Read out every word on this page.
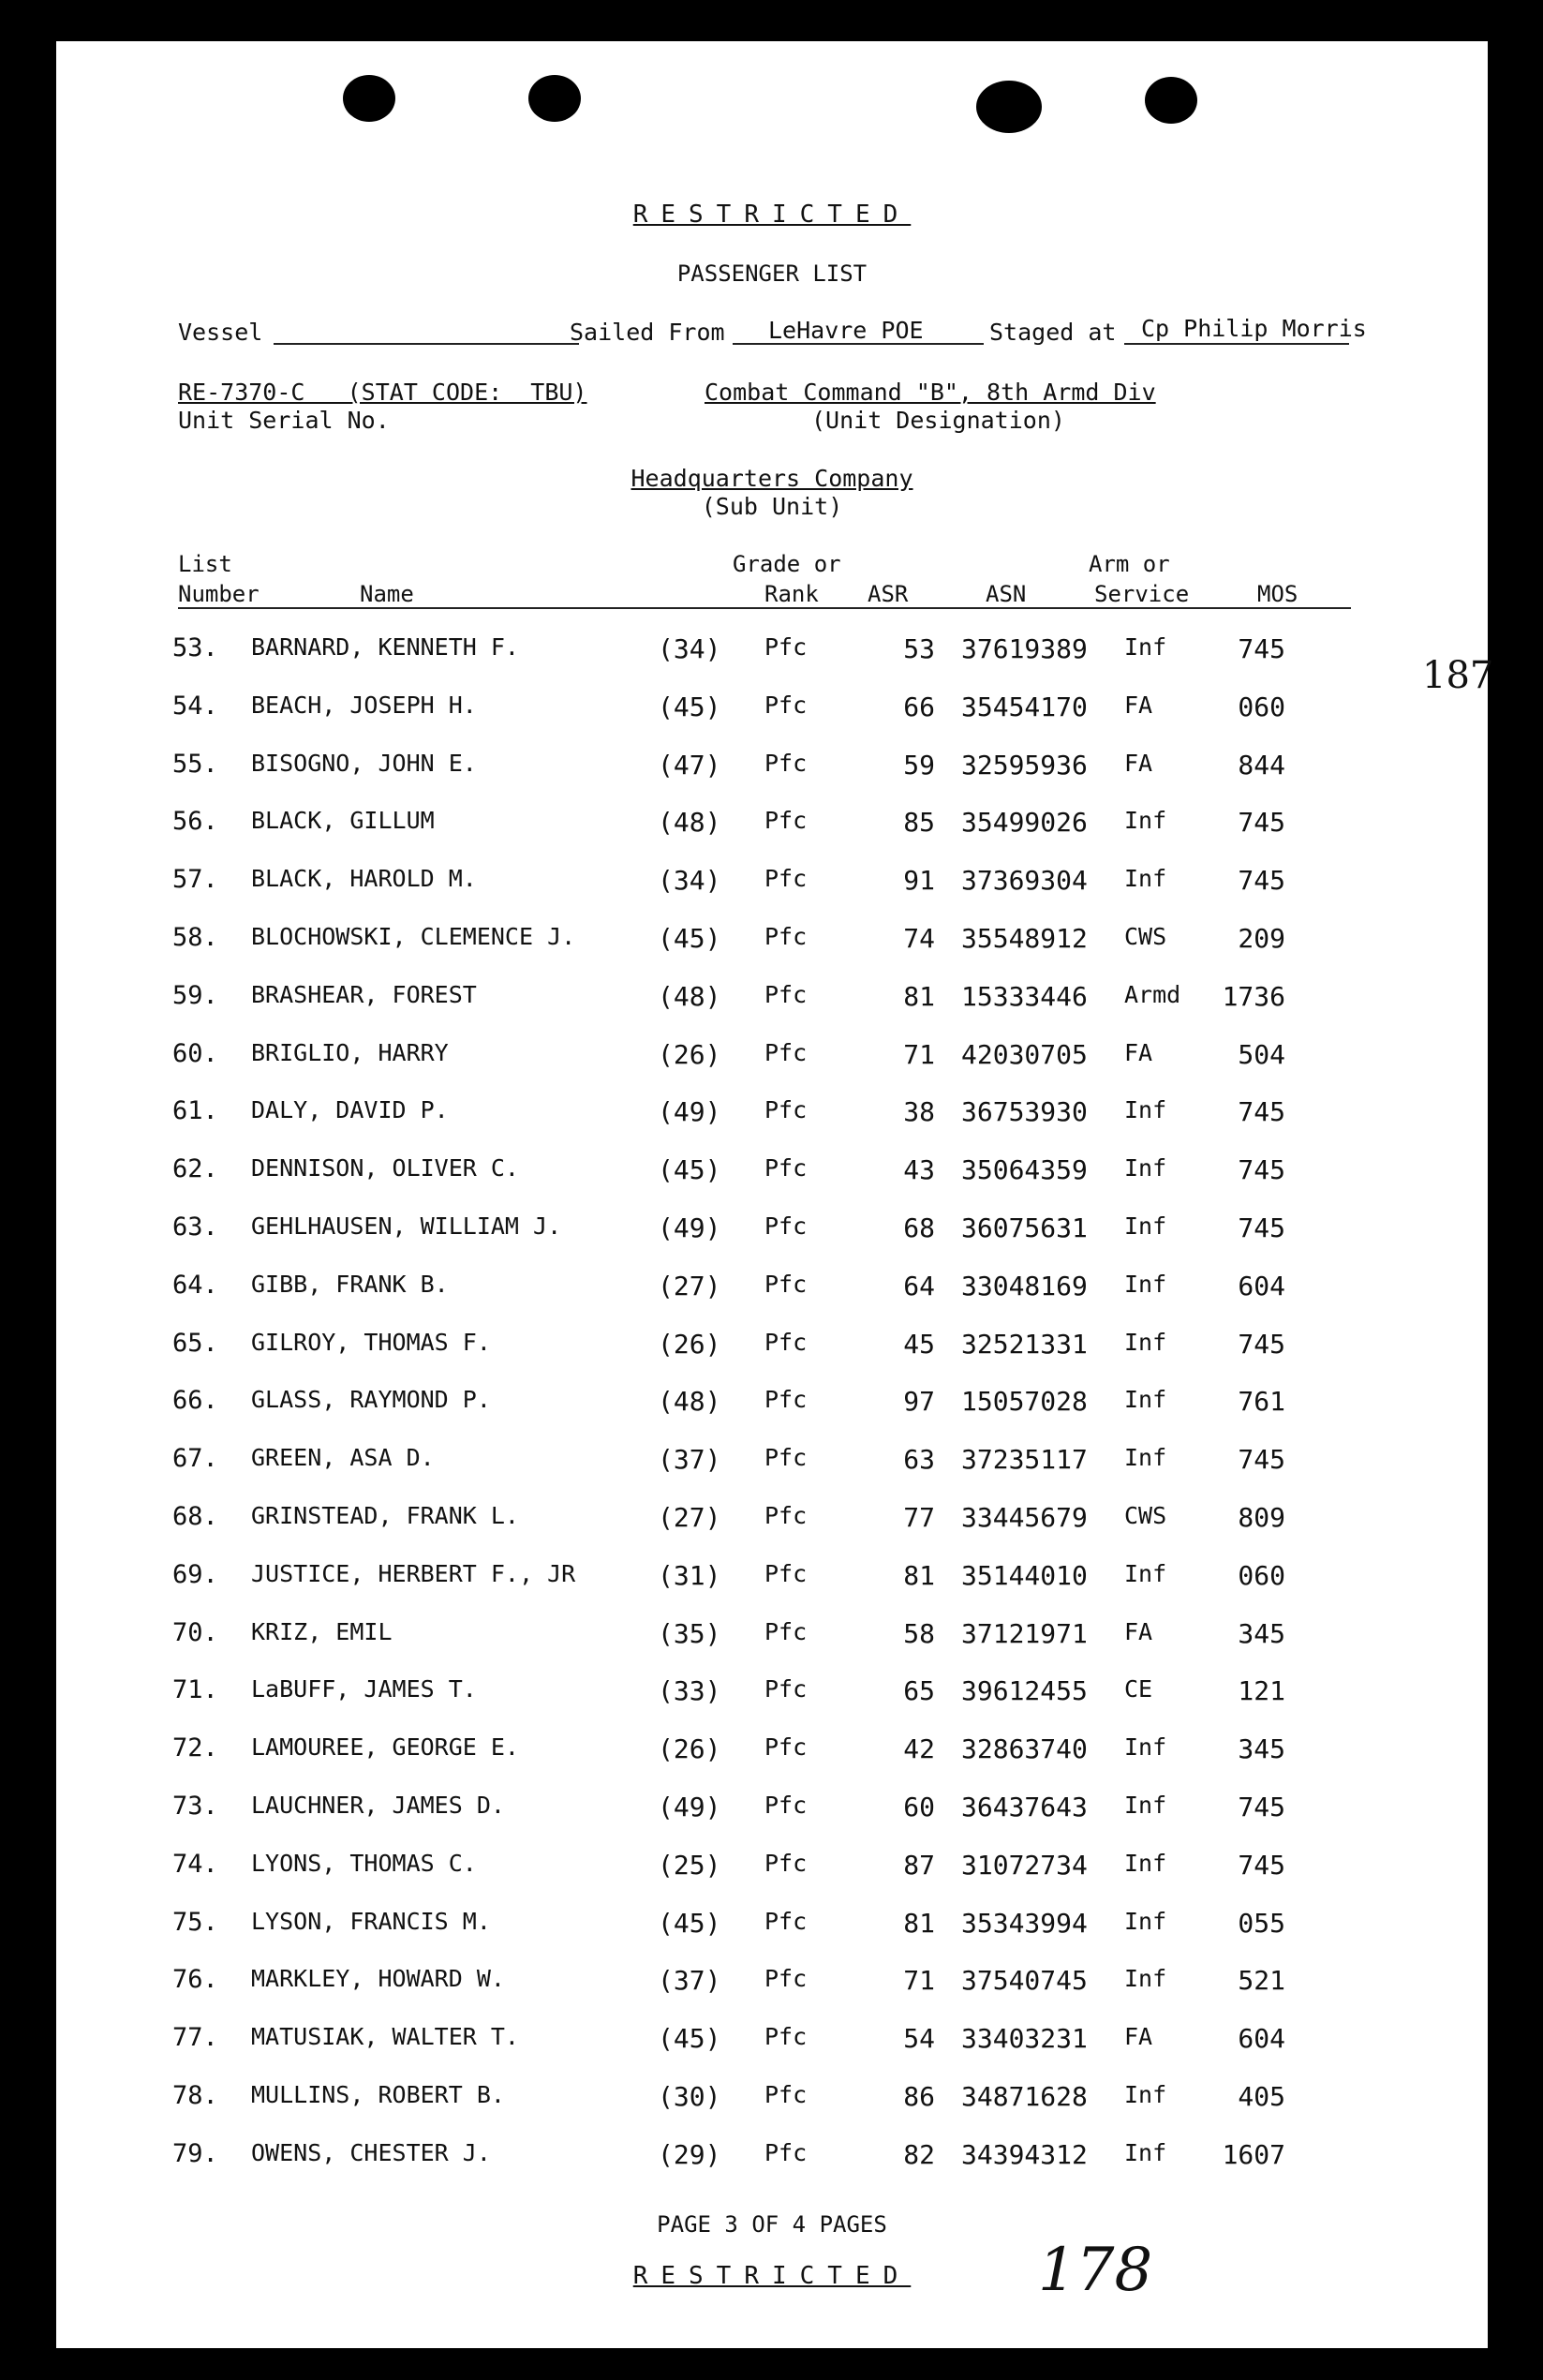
RESTRICTED
PASSENGER LIST
Vessel	Sailed From LeHavre POE	Staged at Cp Philip Morris
RE-7370-C   (STAT CODE:  TBU)
Unit Serial No.
Combat Command "B", 8th Armd Div
(Unit Designation)
Headquarters Company
(Sub Unit)
List
Number	Name
Grade or
Rank ASR	ASN
Arm or
Service	MOS
53. BARNARD, KENNETH F.	(34) Pfc	53 37619389 Inf	745
54. BEACH, JOSEPH H.	(45) Pfc	66 35454170 FA	060
55. BISOGNO, JOHN E.	(47) Pfc	59 32595936 FA	844
56. BLACK, GILLUM	(48) Pfc	85 35499026 Inf	745
57. BLACK, HAROLD M.	(34) Pfc	91 37369304 Inf	745
58. BLOCHOWSKI, CLEMENCE J.	(45) Pfc	74 35548912 CWS	209
59. BRASHEAR, FOREST	(48) Pfc	81 15333446 Armd	1736
60. BRIGLIO, HARRY	(26) Pfc	71 42030705 FA	504
61. DALY, DAVID P.	(49) Pfc	38 36753930 Inf	745
62. DENNISON, OLIVER C.	(45) Pfc	43 35064359 Inf	745
63. GEHLHAUSEN, WILLIAM J.	(49) Pfc	68 36075631 Inf	745
64. GIBB, FRANK B.	(27) Pfc	64 33048169 Inf	604
65. GILROY, THOMAS F.	(26) Pfc	45 32521331 Inf	745
66. GLASS, RAYMOND P.	(48) Pfc	97 15057028 Inf	761
67. GREEN, ASA D.	(37) Pfc	63 37235117 Inf	745
68. GRINSTEAD, FRANK L.	(27) Pfc	77 33445679 CWS	809
69. JUSTICE, HERBERT F., JR	(31) Pfc	81 35144010 Inf	060
70. KRIZ, EMIL	(35) Pfc	58 37121971 FA	345
71. LaBUFF, JAMES T.	(33) Pfc	65 39612455 CE	121
72. LAMOUREE, GEORGE E.	(26) Pfc	42 32863740 Inf	345
73. LAUCHNER, JAMES D.	(49) Pfc	60 36437643 Inf	745
74. LYONS, THOMAS C.	(25) Pfc	87 31072734 Inf	745
75. LYSON, FRANCIS M.	(45) Pfc	81 35343994 Inf	055
76. MARKLEY, HOWARD W.	(37) Pfc	71 37540745 Inf	521
77. MATUSIAK, WALTER T.	(45) Pfc	54 33403231 FA	604
78. MULLINS, ROBERT B.	(30) Pfc	86 34871628 Inf	405
79. OWENS, CHESTER J.	(29) Pfc	82 34394312 Inf	1607
PAGE 3 OF 4 PAGES
RESTRICTED	178
187
